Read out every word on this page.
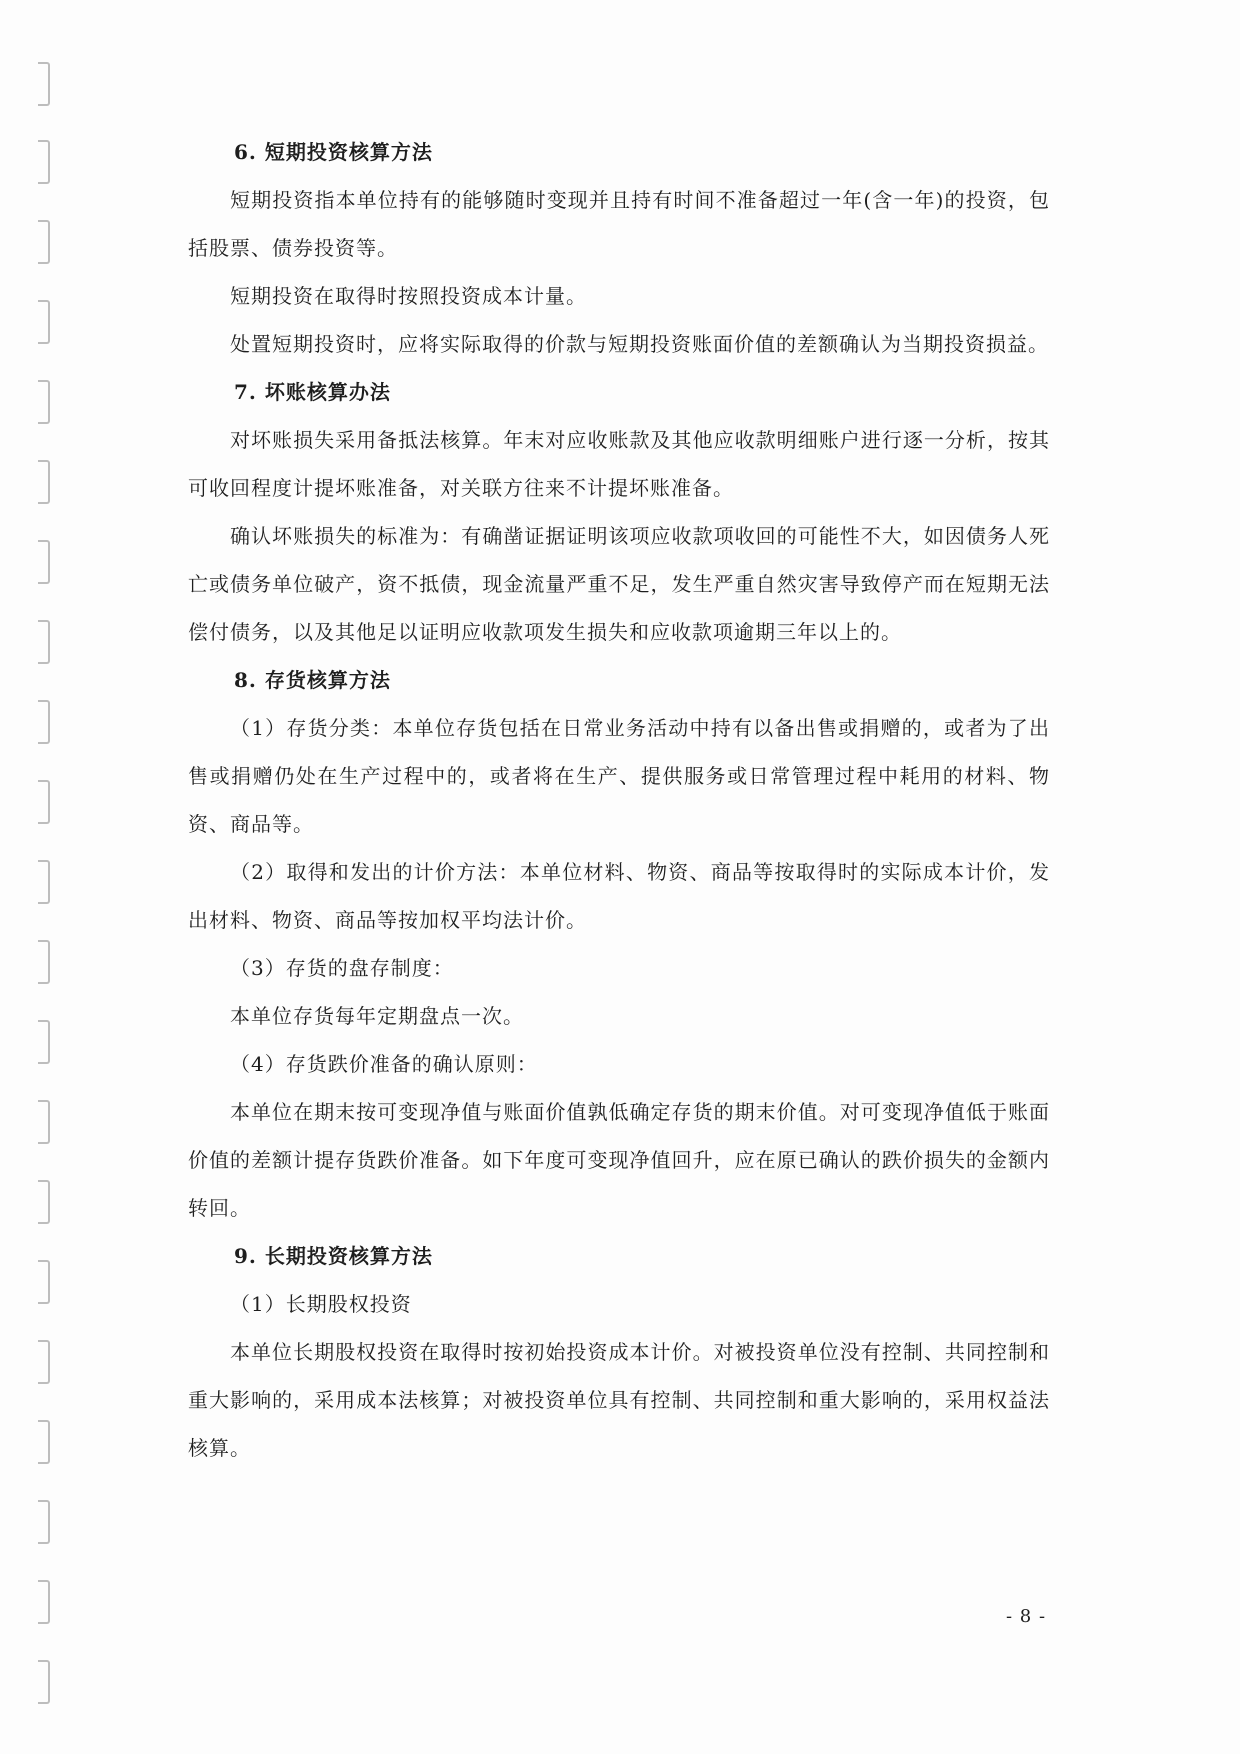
6. 短期投资核算方法

短期投资指本单位持有的能够随时变现并且持有时间不准备超过一年(含一年)的投资，包括股票、债券投资等。

短期投资在取得时按照投资成本计量。

处置短期投资时，应将实际取得的价款与短期投资账面价值的差额确认为当期投资损益。

7. 坏账核算办法

对坏账损失采用备抵法核算。年末对应收账款及其他应收款明细账户进行逐一分析，按其可收回程度计提坏账准备，对关联方往来不计提坏账准备。

确认坏账损失的标准为：有确凿证据证明该项应收款项收回的可能性不大，如因债务人死亡或债务单位破产，资不抵债，现金流量严重不足，发生严重自然灾害导致停产而在短期无法偿付债务，以及其他足以证明应收款项发生损失和应收款项逾期三年以上的。

8. 存货核算方法

（1）存货分类：本单位存货包括在日常业务活动中持有以备出售或捐赠的，或者为了出售或捐赠仍处在生产过程中的，或者将在生产、提供服务或日常管理过程中耗用的材料、物资、商品等。

（2）取得和发出的计价方法：本单位材料、物资、商品等按取得时的实际成本计价，发出材料、物资、商品等按加权平均法计价。

（3）存货的盘存制度：

本单位存货每年定期盘点一次。

（4）存货跌价准备的确认原则：

本单位在期末按可变现净值与账面价值孰低确定存货的期末价值。对可变现净值低于账面价值的差额计提存货跌价准备。如下年度可变现净值回升，应在原已确认的跌价损失的金额内转回。

9. 长期投资核算方法

（1）长期股权投资

本单位长期股权投资在取得时按初始投资成本计价。对被投资单位没有控制、共同控制和重大影响的，采用成本法核算；对被投资单位具有控制、共同控制和重大影响的，采用权益法核算。

- 8 -
